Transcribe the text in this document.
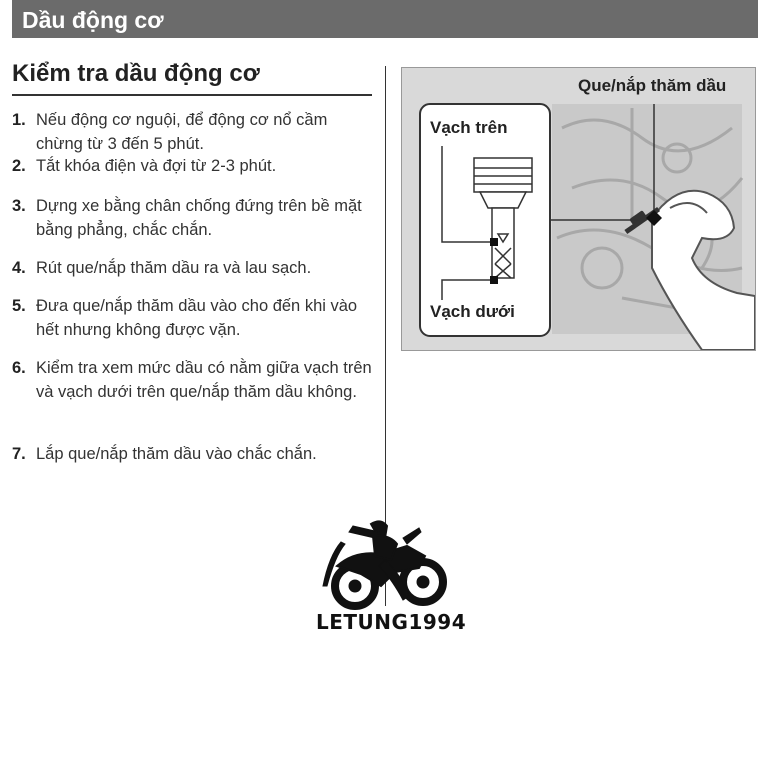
Dầu động cơ
Kiểm tra dầu động cơ
1. Nếu động cơ nguội, để động cơ nổ cầm chừng từ 3 đến 5 phút.
2. Tắt khóa điện và đợi từ 2-3 phút.
3. Dựng xe bằng chân chống đứng trên bề mặt bằng phẳng, chắc chắn.
4. Rút que/nắp thăm dầu ra và lau sạch.
5. Đưa que/nắp thăm dầu vào cho đến khi vào hết nhưng không được vặn.
6. Kiểm tra xem mức dầu có nằm giữa vạch trên và vạch dưới trên que/nắp thăm dầu không.
7. Lắp que/nắp thăm dầu vào chắc chắn.
Que/nắp thăm dầu
Vạch trên
Vạch dưới
LETUNG1994
